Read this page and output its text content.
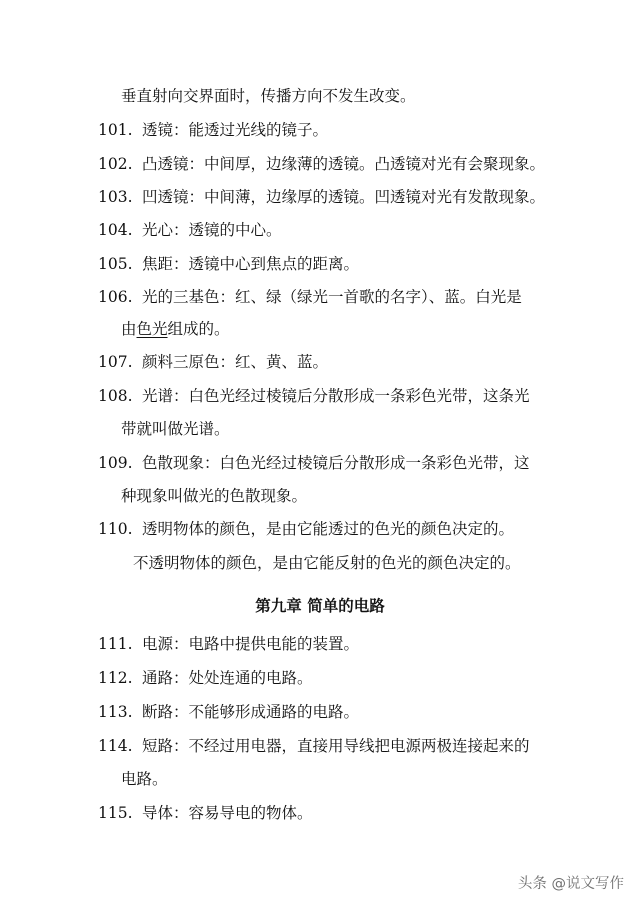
垂直射向交界面时，传播方向不发生改变。
101. 透镜：能透过光线的镜子。
102. 凸透镜：中间厚，边缘薄的透镜。凸透镜对光有会聚现象。
103. 凹透镜：中间薄，边缘厚的透镜。凹透镜对光有发散现象。
104. 光心：透镜的中心。
105. 焦距：透镜中心到焦点的距离。
106. 光的三基色：红、绿（绿光一首歌的名字）、蓝。白光是
由色光组成的。
107. 颜料三原色：红、黄、蓝。
108. 光谱：白色光经过棱镜后分散形成一条彩色光带，这条光
带就叫做光谱。
109. 色散现象：白色光经过棱镜后分散形成一条彩色光带，这
种现象叫做光的色散现象。
110. 透明物体的颜色，是由它能透过的色光的颜色决定的。
不透明物体的颜色，是由它能反射的色光的颜色决定的。
第九章 简单的电路
111. 电源：电路中提供电能的装置。
112. 通路：处处连通的电路。
113. 断路：不能够形成通路的电路。
114. 短路：不经过用电器，直接用导线把电源两极连接起来的
电路。
115. 导体：容易导电的物体。
头条 @说文写作
